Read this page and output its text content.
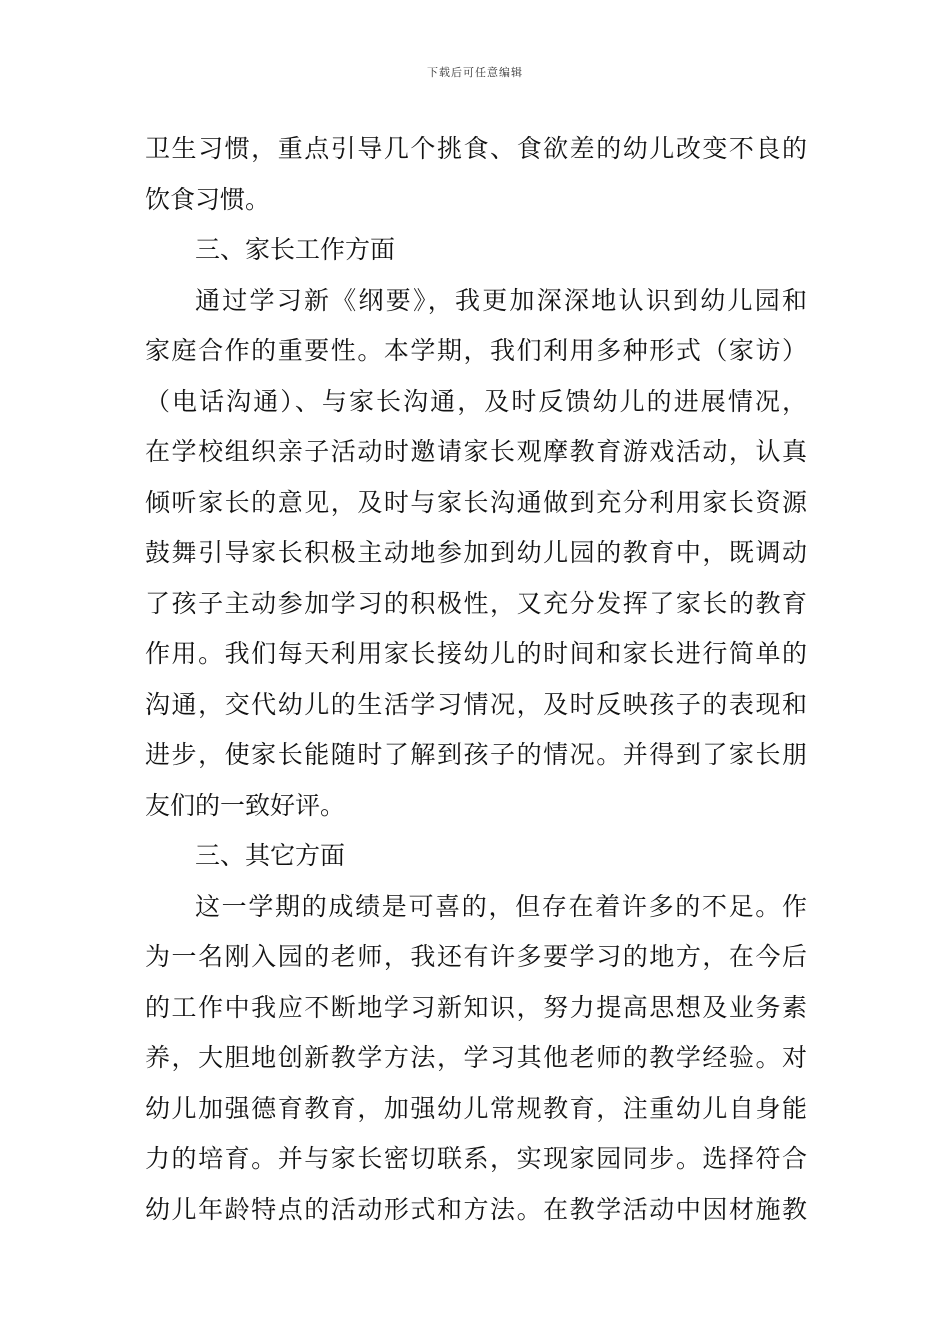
下载后可任意编辑
卫生习惯，重点引导几个挑食、食欲差的幼儿改变不良的
饮食习惯。
三、家长工作方面
通过学习新《纲要》，我更加深深地认识到幼儿园和
家庭合作的重要性。本学期，我们利用多种形式（家访）
（电话沟通）、与家长沟通，及时反馈幼儿的进展情况，
在学校组织亲子活动时邀请家长观摩教育游戏活动，认真
倾听家长的意见，及时与家长沟通做到充分利用家长资源
鼓舞引导家长积极主动地参加到幼儿园的教育中，既调动
了孩子主动参加学习的积极性，又充分发挥了家长的教育
作用。我们每天利用家长接幼儿的时间和家长进行简单的
沟通，交代幼儿的生活学习情况，及时反映孩子的表现和
进步，使家长能随时了解到孩子的情况。并得到了家长朋
友们的一致好评。
三、其它方面
这一学期的成绩是可喜的，但存在着许多的不足。作
为一名刚入园的老师，我还有许多要学习的地方，在今后
的工作中我应不断地学习新知识，努力提高思想及业务素
养，大胆地创新教学方法，学习其他老师的教学经验。对
幼儿加强德育教育，加强幼儿常规教育，注重幼儿自身能
力的培育。并与家长密切联系，实现家园同步。选择符合
幼儿年龄特点的活动形式和方法。在教学活动中因材施教
